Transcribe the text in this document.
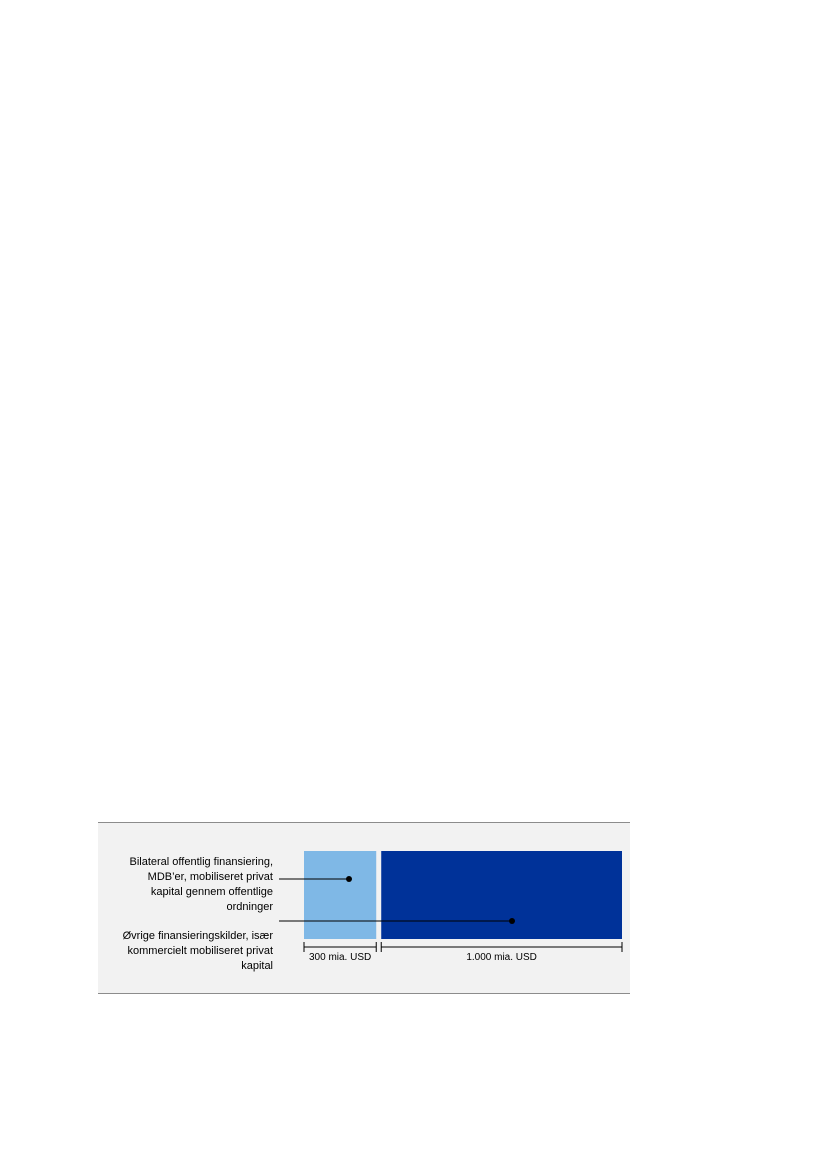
Bilateral offentlig finansiering,
MDB’er, mobiliseret privat
kapital gennem offentlige
ordninger
Øvrige finansieringskilder, især
kommercielt mobiliseret privat
kapital
300 mia. USD	1.000 mia. USD
